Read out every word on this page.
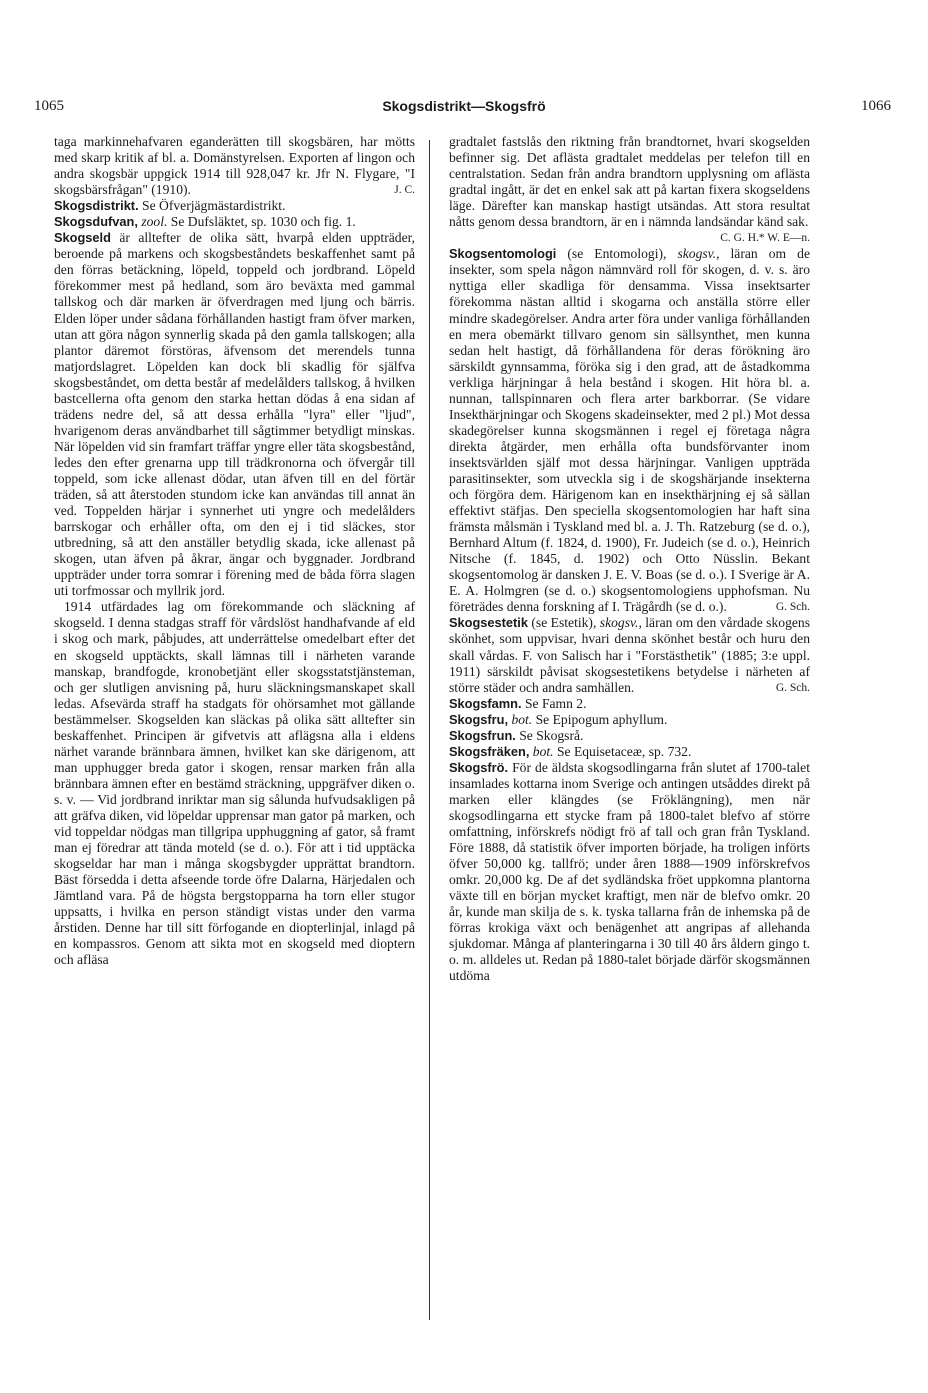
1065	Skogsdistrikt—Skogsfrö	1066

taga markinnehafvaren eganderätten till skogsbären, har mötts med skarp kritik af bl. a. Domänstyrelsen. Exporten af lingon och andra skogsbär uppgick 1914 till 928,047 kr. Jfr N. Flygare, "I skogsbärsfrågan" (1910).	J. C.

Skogsdistrikt. Se Öfverjägmästardistrikt.

Skogsdufvan, zool. Se Dufsläktet, sp. 1030 och fig. 1.

Skogseld är alltefter de olika sätt, hvarpå elden uppträder, beroende på markens och skogsbeståndets beskaffenhet samt på den förras betäckning, löpeld, toppeld och jordbrand. Löpeld förekommer mest på hedland, som äro beväxta med gammal tallskog och där marken är öfverdragen med ljung och bärris. Elden löper under sådana förhållanden hastigt fram öfver marken, utan att göra någon synnerlig skada på den gamla tallskogen; alla plantor däremot förstöras, äfvensom det merendels tunna matjordslagret. Löpelden kan dock bli skadlig för själfva skogsbeståndet, om detta består af medelålders tallskog, å hvilken bastcellerna ofta genom den starka hettan dödas å ena sidan af trädens nedre del, så att dessa erhålla "lyra" eller "ljud", hvarigenom deras användbarhet till sågtimmer betydligt minskas. När löpelden vid sin framfart träffar yngre eller täta skogsbestånd, ledes den efter grenarna upp till trädkronorna och öfvergår till toppeld, som icke allenast dödar, utan äfven till en del förtär träden, så att återstoden stundom icke kan användas till annat än ved. Toppelden härjar i synnerhet uti yngre och medelålders barrskogar och erhåller ofta, om den ej i tid släckes, stor utbredning, så att den anställer betydlig skada, icke allenast på skogen, utan äfven på åkrar, ängar och byggnader. Jordbrand uppträder under torra somrar i förening med de båda förra slagen uti torfmossar och myllrik jord.

1914 utfärdades lag om förekommande och släckning af skogseld. I denna stadgas straff för vårdslöst handhafvande af eld i skog och mark, påbjudes, att underrättelse omedelbart efter det en skogseld upptäckts, skall lämnas till i närheten varande manskap, brandfogde, kronobetjänt eller skogsstatstjänsteman, och ger slutligen anvisning på, huru släckningsmanskapet skall ledas. Afsevärda straff ha stadgats för ohörsamhet mot gällande bestämmelser. Skogselden kan släckas på olika sätt alltefter sin beskaffenhet. Principen är gifvetvis att aflägsna alla i eldens närhet varande brännbara ämnen, hvilket kan ske därigenom, att man upphugger breda gator i skogen, rensar marken från alla brännbara ämnen efter en bestämd sträckning, uppgräfver diken o. s. v. — Vid jordbrand inriktar man sig sålunda hufvudsakligen på att gräfva diken, vid löpeldar upprensar man gator på marken, och vid toppeldar nödgas man tillgripa upphuggning af gator, så framt man ej föredrar att tända moteld (se d. o.). För att i tid upptäcka skogseldar har man i många skogsbygder upprättat brandtorn. Bäst försedda i detta afseende torde öfre Dalarna, Härjedalen och Jämtland vara. På de högsta bergstopparna ha torn eller stugor uppsatts, i hvilka en person ständigt vistas under den varma årstiden. Denne har till sitt förfogande en diopterlinjal, inlagd på en kompassros. Genom att sikta mot en skogseld med dioptern och afläsa

gradtalet fastslås den riktning från brandtornet, hvari skogselden befinner sig. Det aflästa gradtalet meddelas per telefon till en centralstation. Sedan från andra brandtorn upplysning om aflästa gradtal ingått, är det en enkel sak att på kartan fixera skogseldens läge. Därefter kan manskap hastigt utsändas. Att stora resultat nåtts genom dessa brandtorn, är en i nämnda landsändar känd sak.
C. G. H.* W. E—n.

Skogsentomologi (se Entomologi), skogsv., läran om de insekter, som spela någon nämnvärd roll för skogen, d. v. s. äro nyttiga eller skadliga för densamma. Vissa insektsarter förekomma nästan alltid i skogarna och anställa större eller mindre skadegörelser. Andra arter föra under vanliga förhållanden en mera obemärkt tillvaro genom sin sällsynthet, men kunna sedan helt hastigt, då förhållandena för deras förökning äro särskildt gynnsamma, föröka sig i den grad, att de åstadkomma verkliga härjningar å hela bestånd i skogen. Hit höra bl. a. nunnan, tallspinnaren och flera arter barkborrar. (Se vidare Insekthärjningar och Skogens skadeinsekter, med 2 pl.) Mot dessa skadegörelser kunna skogsmännen i regel ej företaga några direkta åtgärder, men erhålla ofta bundsförvanter inom insektsvärlden själf mot dessa härjningar. Vanligen uppträda parasitinsekter, som utveckla sig i de skogshärjande insekterna och förgöra dem. Härigenom kan en insekthärjning ej så sällan effektivt stäfjas. Den speciella skogsentomologien har haft sina främsta målsmän i Tyskland med bl. a. J. Th. Ratzeburg (se d. o.), Bernhard Altum (f. 1824, d. 1900), Fr. Judeich (se d. o.), Heinrich Nitsche (f. 1845, d. 1902) och Otto Nüsslin. Bekant skogsentomolog är dansken J. E. V. Boas (se d. o.). I Sverige är A. E. A. Holmgren (se d. o.) skogsentomologiens upphofsman. Nu företrädes denna forskning af I. Trägårdh (se d. o.).	G. Sch.

Skogsestetik (se Estetik), skogsv., läran om den vårdade skogens skönhet, som uppvisar, hvari denna skönhet består och huru den skall vårdas. F. von Salisch har i "Forstästhetik" (1885; 3:e uppl. 1911) särskildt påvisat skogsestetikens betydelse i närheten af större städer och andra samhällen.	G. Sch.

Skogsfamn. Se Famn 2.

Skogsfru, bot. Se Epipogum aphyllum.

Skogsfrun. Se Skogsrå.

Skogsfräken, bot. Se Equisetaceæ, sp. 732.

Skogsfrö. För de äldsta skogsodlingarna från slutet af 1700-talet insamlades kottarna inom Sverige och antingen utsåddes direkt på marken eller klängdes (se Fröklängning), men när skogsodlingarna ett stycke fram på 1800-talet blefvo af större omfattning, införskrefs nödigt frö af tall och gran från Tyskland. Före 1888, då statistik öfver importen började, ha troligen införts öfver 50,000 kg. tallfrö; under åren 1888—1909 införskrefvos omkr. 20,000 kg. De af det sydländska fröet uppkomna plantorna växte till en början mycket kraftigt, men när de blefvo omkr. 20 år, kunde man skilja de s. k. tyska tallarna från de inhemska på de förras krokiga växt och benägenhet att angripas af allehanda sjukdomar. Många af planteringarna i 30 till 40 års åldern gingo t. o. m. alldeles ut. Redan på 1880-talet började därför skogsmännen utdöma
